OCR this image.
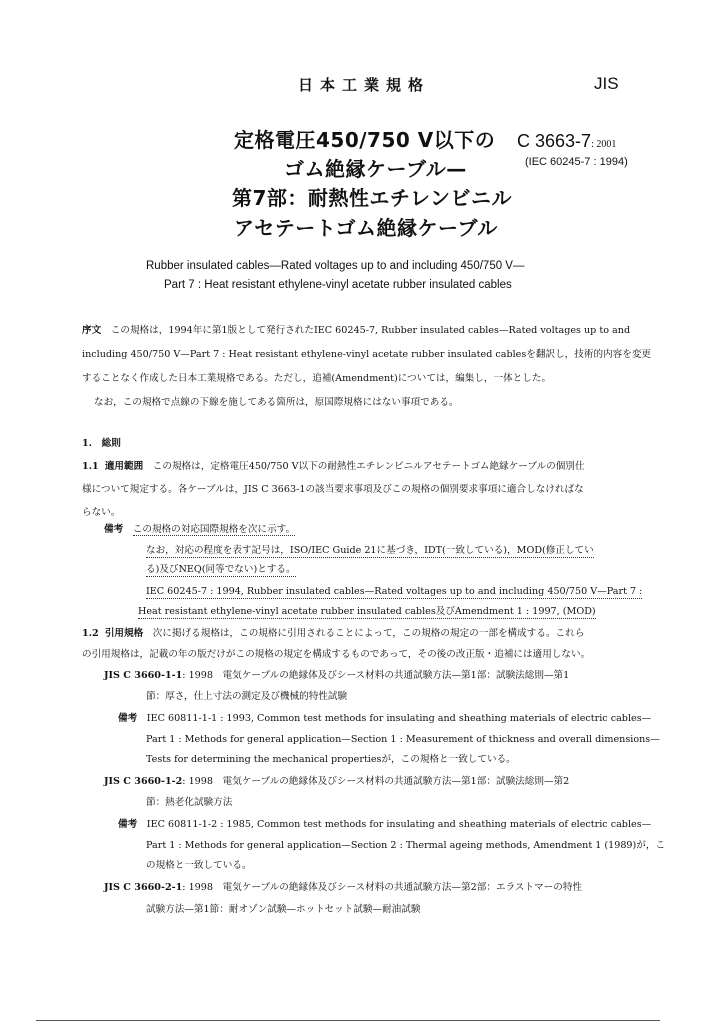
日本工業規格	JIS
定格電圧450/750 V以下の
ゴム絶縁ケーブル—
第7部：耐熱性エチレンビニル
アセテートゴム絶縁ケーブル
C 3663-7: 2001
(IEC 60245-7 : 1994)
Rubber insulated cables—Rated voltages up to and including 450/750 V—
Part 7 : Heat resistant ethylene-vinyl acetate rubber insulated cables
序文　 この規格は，1994年に第1版として発行されたIEC 60245-7, Rubber insulated cables—Rated voltages up to and
including 450/750 V—Part 7 : Heat resistant ethylene-vinyl acetate rubber insulated cablesを翻訳し，技術的内容を変更
することなく作成した日本工業規格である。ただし，追補(Amendment)については，編集し，一体とした。
なお，この規格で点線の下線を施してある箇所は，原国際規格にはない事項である。
1.　総則
1.1 適用範囲　 この規格は，定格電圧450/750 V以下の耐熱性エチレンビニルアセテートゴム絶縁ケーブルの個別仕
様について規定する。各ケーブルは，JIS C 3663-1の該当要求事項及びこの規格の個別要求事項に適合しなければな
らない。
備考　 この規格の対応国際規格を次に示す。
なお，対応の程度を表す記号は，ISO/IEC Guide 21に基づき，IDT(一致している)，MOD(修正してい
る)及びNEQ(同等でない)とする。
IEC 60245-7 : 1994, Rubber insulated cables—Rated voltages up to and including 450/750 V—Part 7 :
Heat resistant ethylene-vinyl acetate rubber insulated cables及びAmendment 1 : 1997, (MOD)
1.2 引用規格　 次に掲げる規格は，この規格に引用されることによって，この規格の規定の一部を構成する。これら
の引用規格は，記載の年の版だけがこの規格の規定を構成するものであって，その後の改正版・追補には適用しない。
JIS C 3660-1-1: 1998　電気ケーブルの絶縁体及びシース材料の共通試験方法—第1部：試験法総則—第1
節：厚さ，仕上寸法の測定及び機械的特性試験
備考　 IEC 60811-1-1 : 1993, Common test methods for insulating and sheathing materials of electric cables—
Part 1 : Methods for general application—Section 1 : Measurement of thickness and overall dimensions—
Tests for determining the mechanical propertiesが，この規格と一致している。
JIS C 3660-1-2: 1998　電気ケーブルの絶縁体及びシース材料の共通試験方法—第1部：試験法総則—第2
節：熱老化試験方法
備考　 IEC 60811-1-2 : 1985, Common test methods for insulating and sheathing materials of electric cables—
Part 1 : Methods for general application—Section 2 : Thermal ageing methods, Amendment 1 (1989)が，こ
の規格と一致している。
JIS C 3660-2-1: 1998　電気ケーブルの絶縁体及びシース材料の共通試験方法—第2部：エラストマーの特性
試験方法—第1節：耐オゾン試験—ホットセット試験—耐油試験
